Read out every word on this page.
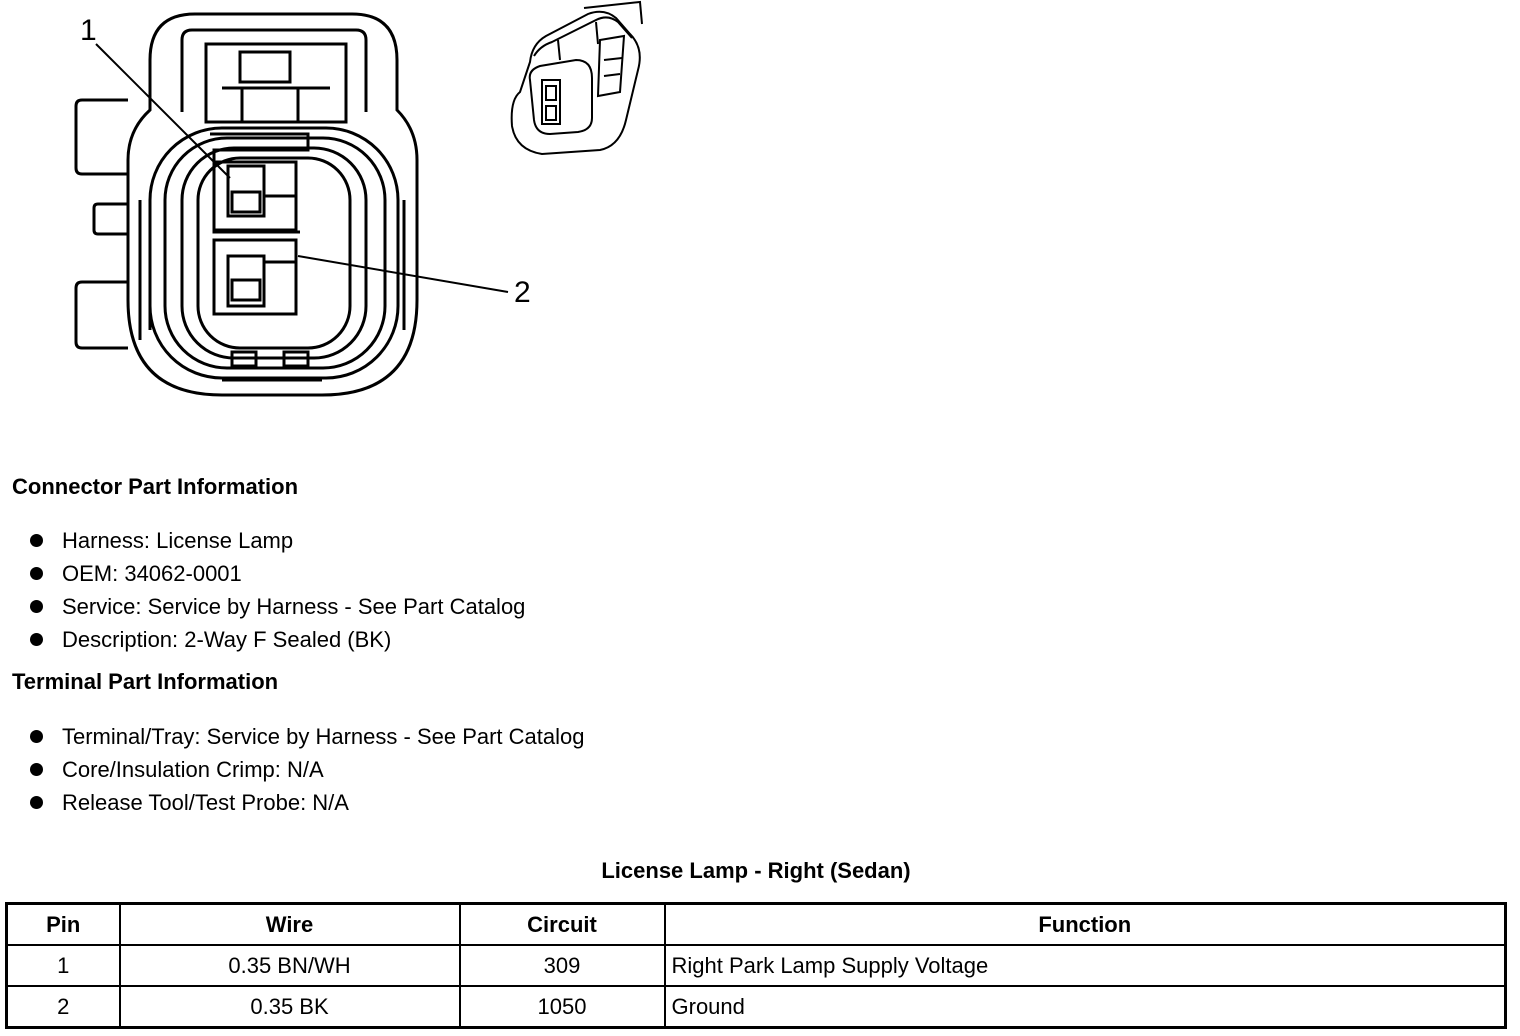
1
2
Connector Part Information
Harness: License Lamp
OEM: 34062-0001
Service: Service by Harness - See Part Catalog
Description: 2-Way F Sealed (BK)
Terminal Part Information
Terminal/Tray: Service by Harness - See Part Catalog
Core/Insulation Crimp: N/A
Release Tool/Test Probe: N/A
License Lamp - Right (Sedan)
Pin	Wire	Circuit	Function
1	0.35 BN/WH	309	Right Park Lamp Supply Voltage
2	0.35 BK	1050	Ground
